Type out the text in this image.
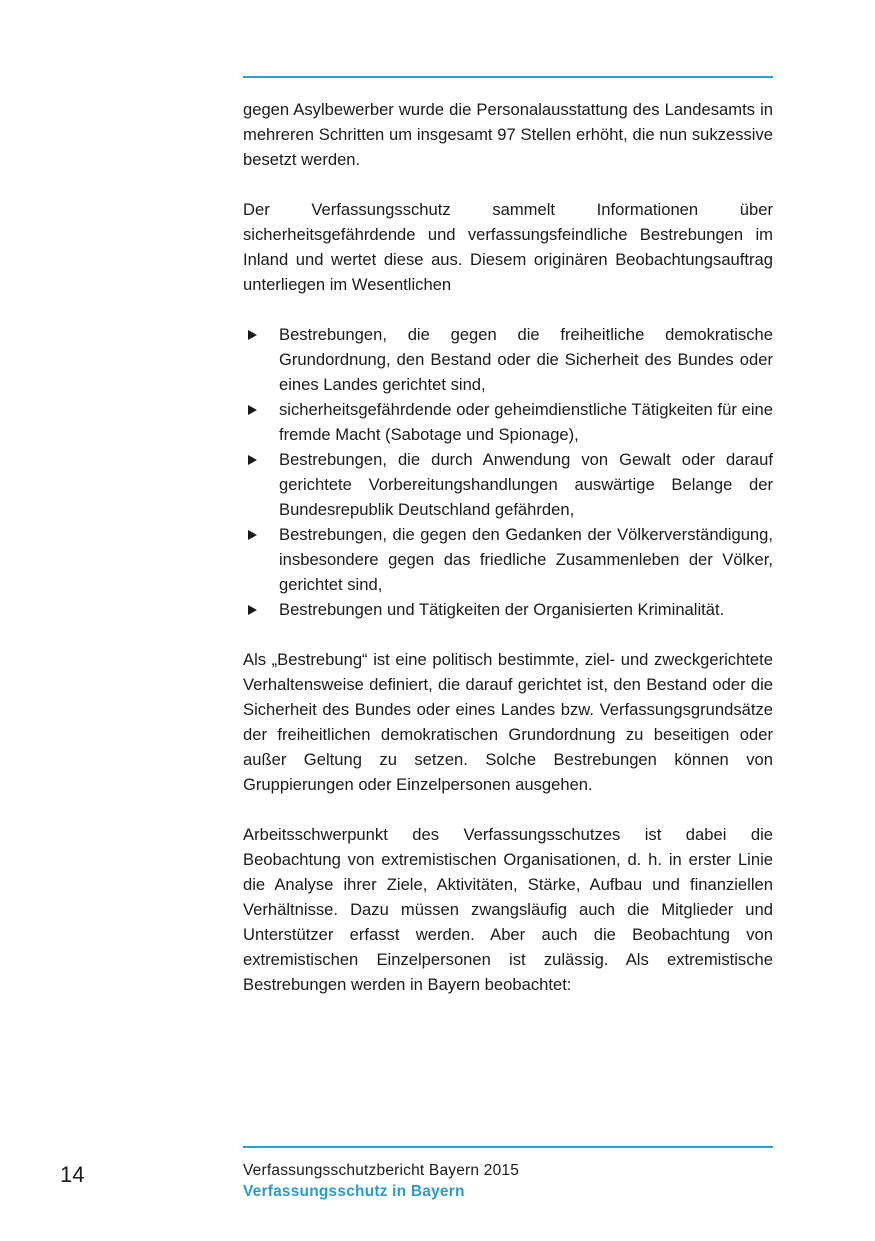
gegen Asylbewerber wurde die Personalausstattung des Landesamts in mehreren Schritten um insgesamt 97 Stellen erhöht, die nun sukzessive besetzt werden.

Der Verfassungsschutz sammelt Informationen über sicherheitsgefährdende und verfassungsfeindliche Bestrebungen im Inland und wertet diese aus. Diesem originären Beobachtungsauftrag unterliegen im Wesentlichen

Bestrebungen, die gegen die freiheitliche demokratische Grundordnung, den Bestand oder die Sicherheit des Bundes oder eines Landes gerichtet sind,
sicherheitsgefährdende oder geheimdienstliche Tätigkeiten für eine fremde Macht (Sabotage und Spionage),
Bestrebungen, die durch Anwendung von Gewalt oder darauf gerichtete Vorbereitungshandlungen auswärtige Belange der Bundesrepublik Deutschland gefährden,
Bestrebungen, die gegen den Gedanken der Völkerverständigung, insbesondere gegen das friedliche Zusammenleben der Völker, gerichtet sind,
Bestrebungen und Tätigkeiten der Organisierten Kriminalität.

Als „Bestrebung“ ist eine politisch bestimmte, ziel- und zweckgerichtete Verhaltensweise definiert, die darauf gerichtet ist, den Bestand oder die Sicherheit des Bundes oder eines Landes bzw. Verfassungsgrundsätze der freiheitlichen demokratischen Grundordnung zu beseitigen oder außer Geltung zu setzen. Solche Bestrebungen können von Gruppierungen oder Einzelpersonen ausgehen.

Arbeitsschwerpunkt des Verfassungsschutzes ist dabei die Beobachtung von extremistischen Organisationen, d. h. in erster Linie die Analyse ihrer Ziele, Aktivitäten, Stärke, Aufbau und finanziellen Verhältnisse. Dazu müssen zwangsläufig auch die Mitglieder und Unterstützer erfasst werden. Aber auch die Beobachtung von extremistischen Einzelpersonen ist zulässig. Als extremistische Bestrebungen werden in Bayern beobachtet:

14	Verfassungsschutzbericht Bayern 2015
Verfassungsschutz in Bayern
